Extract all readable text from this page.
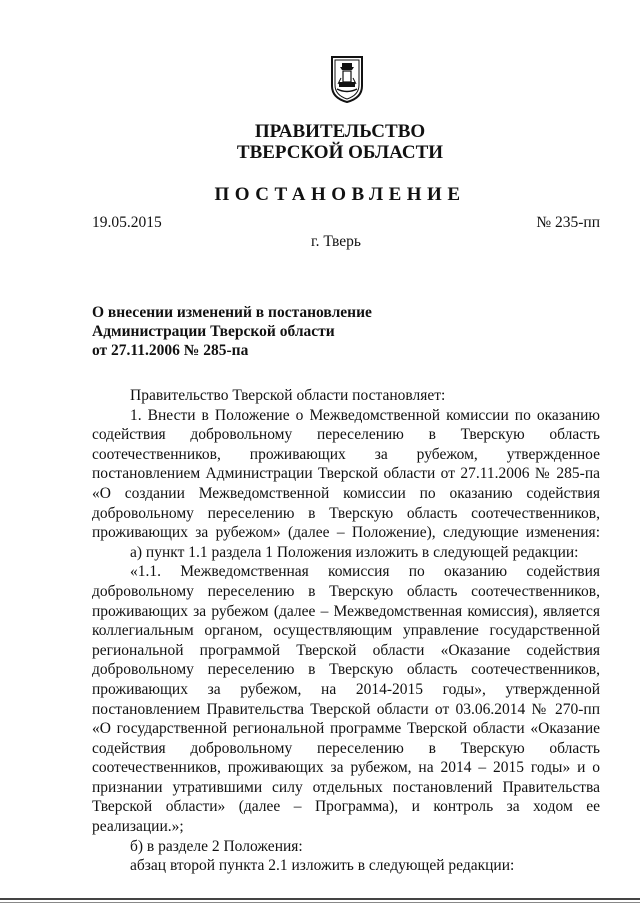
ПРАВИТЕЛЬСТВО
ТВЕРСКОЙ ОБЛАСТИ
ПОСТАНОВЛЕНИЕ
19.05.2015	№ 235-пп
г. Тверь
О внесении изменений в постановление
Администрации Тверской области
от 27.11.2006 № 285-па
Правительство Тверской области постановляет:
1. Внести в Положение о Межведомственной комиссии по оказанию
содействия добровольному переселению в Тверскую область
соотечественников, проживающих за рубежом, утвержденное
постановлением Администрации Тверской области от 27.11.2006 № 285-па
«О создании Межведомственной комиссии по оказанию содействия
добровольному переселению в Тверскую область соотечественников,
проживающих за рубежом» (далее – Положение), следующие изменения:
а) пункт 1.1 раздела 1 Положения изложить в следующей редакции:
«1.1. Межведомственная комиссия по оказанию содействия
добровольному переселению в Тверскую область соотечественников,
проживающих за рубежом (далее – Межведомственная комиссия), является
коллегиальным органом, осуществляющим управление государственной
региональной программой Тверской области «Оказание содействия
добровольному переселению в Тверскую область соотечественников,
проживающих за рубежом, на 2014-2015 годы», утвержденной
постановлением Правительства Тверской области от 03.06.2014 № 270-пп
«О государственной региональной программе Тверской области «Оказание
содействия добровольному переселению в Тверскую область
соотечественников, проживающих за рубежом, на 2014 – 2015 годы» и о
признании утратившими силу отдельных постановлений Правительства
Тверской области» (далее – Программа), и контроль за ходом ее
реализации.»;
б) в разделе 2 Положения:
абзац второй пункта 2.1 изложить в следующей редакции:
